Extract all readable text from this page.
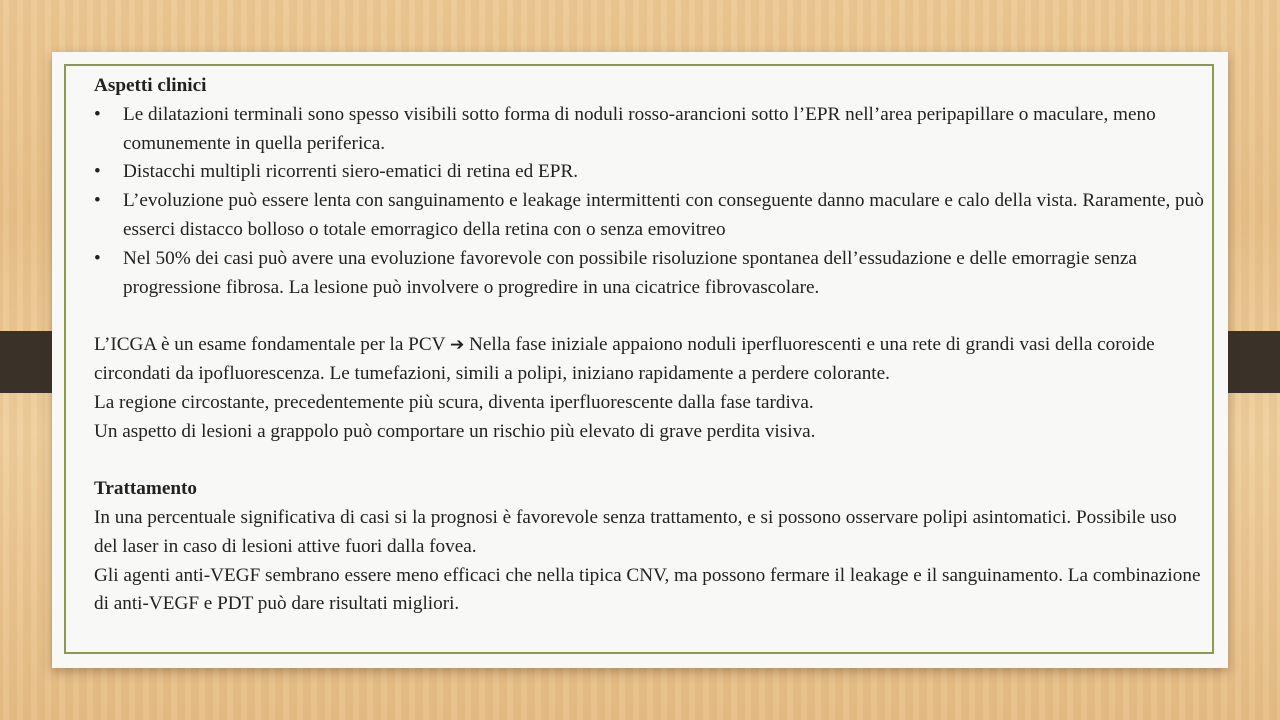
Aspetti clinici

• Le dilatazioni terminali sono spesso visibili sotto forma di noduli rosso-arancioni sotto l’EPR nell’area peripapillare o maculare, meno comunemente in quella periferica.
• Distacchi multipli ricorrenti siero-ematici di retina ed EPR.
• L’evoluzione può essere lenta con sanguinamento e leakage intermittenti con conseguente danno maculare e calo della vista. Raramente, può esserci distacco bolloso o totale emorragico della retina con o senza emovitreo
• Nel 50% dei casi può avere una evoluzione favorevole con possibile risoluzione spontanea dell’essudazione e delle emorragie senza progressione fibrosa. La lesione può involvere o progredire in una cicatrice fibrovascolare.

L’ICGA è un esame fondamentale per la PCV ➔ Nella fase iniziale appaiono noduli iperfluorescenti e una rete di grandi vasi della coroide circondati da ipofluorescenza. Le tumefazioni, simili a polipi, iniziano rapidamente a perdere colorante.

La regione circostante, precedentemente più scura, diventa iperfluorescente dalla fase tardiva.

Un aspetto di lesioni a grappolo può comportare un rischio più elevato di grave perdita visiva.

Trattamento

In una percentuale significativa di casi si la prognosi è favorevole senza trattamento, e si possono osservare polipi asintomatici. Possibile uso del laser in caso di lesioni attive fuori dalla fovea.

Gli agenti anti-VEGF sembrano essere meno efficaci che nella tipica CNV, ma possono fermare il leakage e il sanguinamento. La combinazione di anti-VEGF e PDT può dare risultati migliori.
